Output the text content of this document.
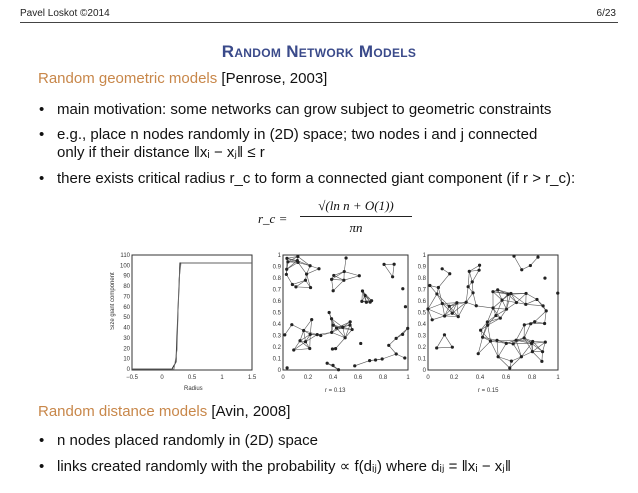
Pavel Loskot ©2014	6/23
Random Network Models
Random geometric models [Penrose, 2003]
• main motivation: some networks can grow subject to geometric constraints
• e.g., place n nodes randomly in (2D) space; two nodes i and j connected
only if their distance ‖xᵢ − xⱼ‖ ≤ r
• there exists critical radius r_c to form a connected giant component (if r > r_c):
r_c =
√(ln n + O(1))
πn
110
100
90
80
70
60
50
40
30
20
10
0
−0.5	0	0.5	1	1.5
Size giant component
Radius	r = 0.13
1
0.9
0.8
0.7
0.6
0.5
0.4
0.3
0.2
0.1
0
0	0.2	0.4	0.6	0.8	1
r = 0.15
1
0.9
0.8
0.7
0.6
0.5
0.4
0.3
0.2
0.1
0
0	0.2	0.4	0.6	0.8	1
Random distance models [Avin, 2008]
• n nodes placed randomly in (2D) space
• links created randomly with the probability ∝ f(dᵢⱼ) where dᵢⱼ = ‖xᵢ − xⱼ‖
